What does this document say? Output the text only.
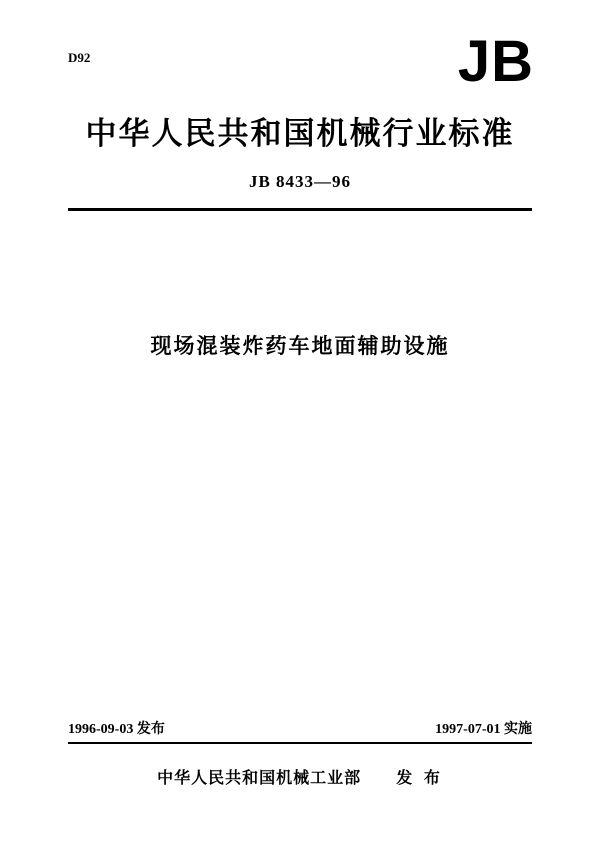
D92	JB
中华人民共和国机械行业标准
JB 8433—96
现场混装炸药车地面辅助设施
1996-09-03 发布	1997-07-01 实施
中华人民共和国机械工业部 发 布
